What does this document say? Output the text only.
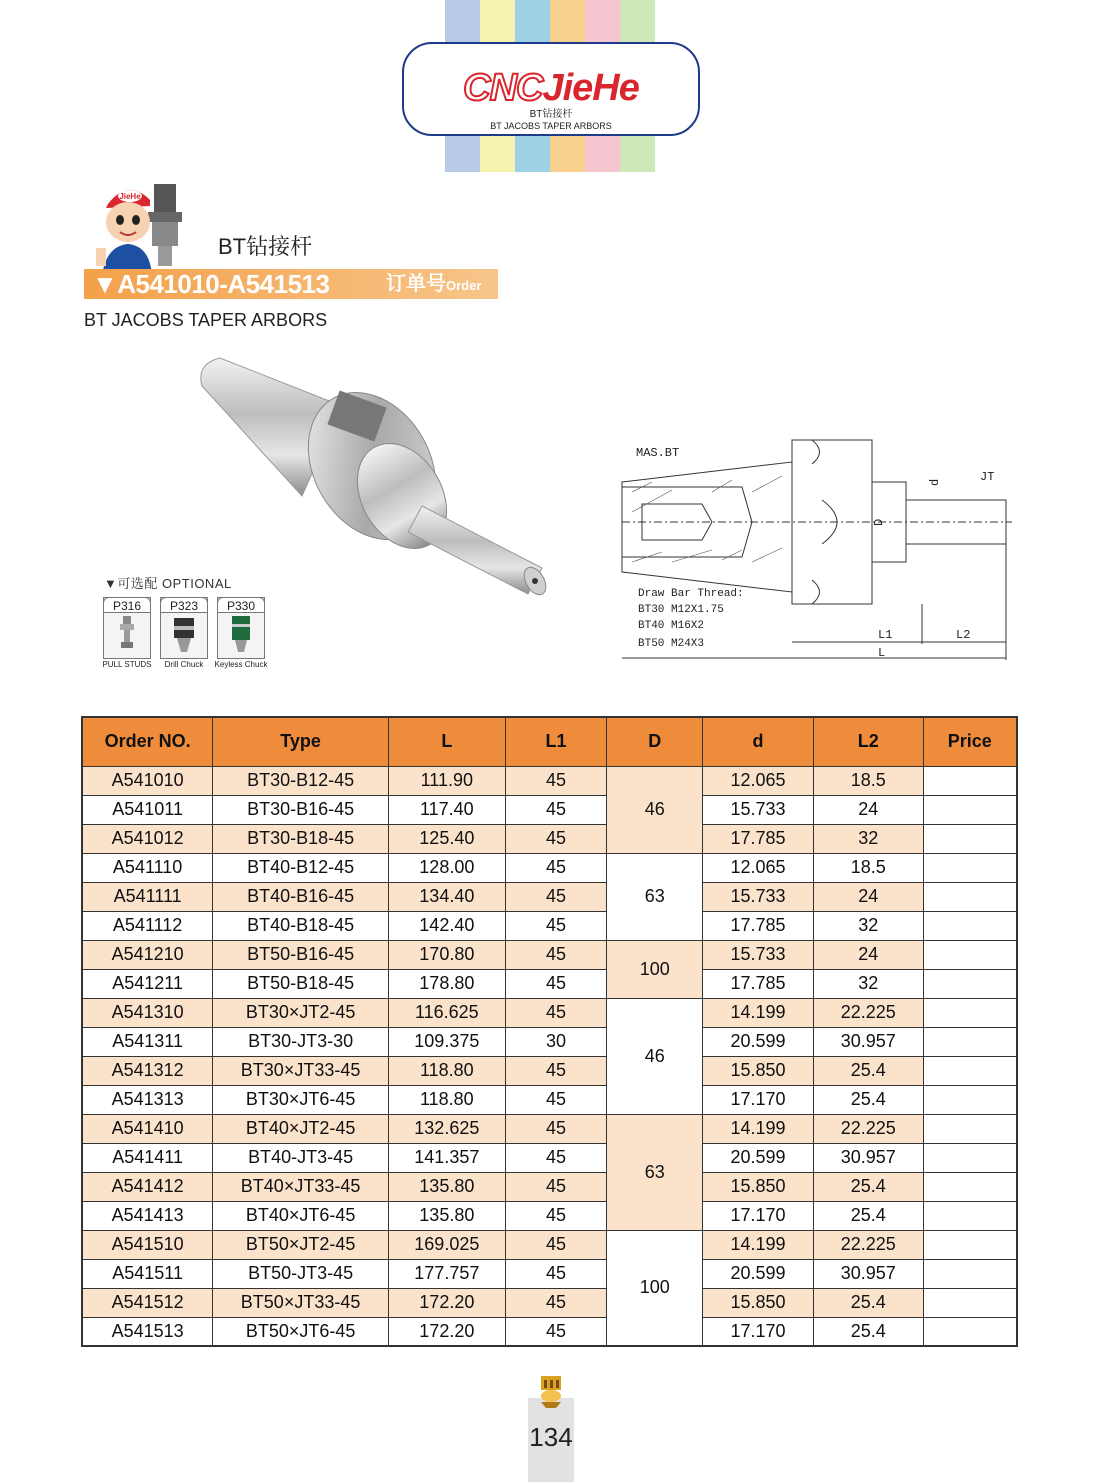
CNCJieHe
BT钻接杆
BT JACOBS TAPER ARBORS
JieHe
BT钻接杆
▼A541010-A541513	订单号Order NO.
BT JACOBS TAPER ARBORS
▼可选配 OPTIONAL
P316
PULL STUDS
P323
Drill Chuck
P330
Keyless Chuck
MAS.BT
D
d	JT
Draw Bar Thread:
BT30 M12X1.75
BT40 M16X2
BT50 M24X3
L1	L2
L
Order NO.	Type	L	L1	D	d	L2	Price
A541010	BT30-B12-45	111.90	45	46	12.065	18.5	
A541011	BT30-B16-45	117.40	45		15.733	24	
A541012	BT30-B18-45	125.40	45		17.785	32	
A541110	BT40-B12-45	128.00	45	63	12.065	18.5	
A541111	BT40-B16-45	134.40	45		15.733	24	
A541112	BT40-B18-45	142.40	45		17.785	32	
A541210	BT50-B16-45	170.80	45	100	15.733	24	
A541211	BT50-B18-45	178.80	45		17.785	32	
A541310	BT30×JT2-45	116.625	45	46	14.199	22.225	
A541311	BT30-JT3-30	109.375	30		20.599	30.957	
A541312	BT30×JT33-45	118.80	45		15.850	25.4	
A541313	BT30×JT6-45	118.80	45		17.170	25.4	
A541410	BT40×JT2-45	132.625	45	63	14.199	22.225	
A541411	BT40-JT3-45	141.357	45		20.599	30.957	
A541412	BT40×JT33-45	135.80	45		15.850	25.4	
A541413	BT40×JT6-45	135.80	45		17.170	25.4	
A541510	BT50×JT2-45	169.025	45	100	14.199	22.225	
A541511	BT50-JT3-45	177.757	45		20.599	30.957	
A541512	BT50×JT33-45	172.20	45		15.850	25.4	
A541513	BT50×JT6-45	172.20	45		17.170	25.4	
134
